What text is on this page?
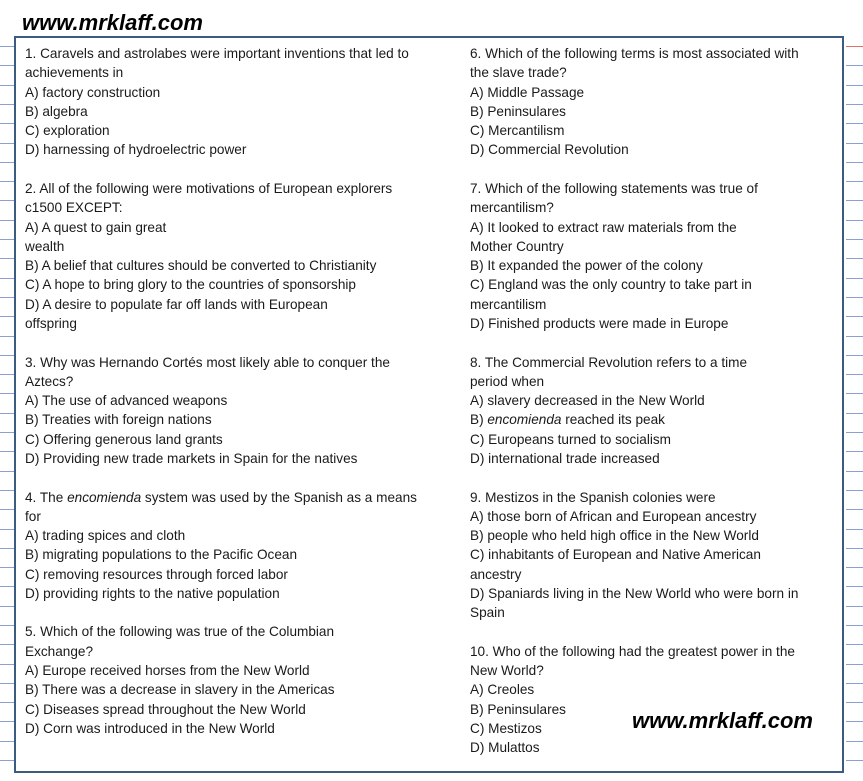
www.mrklaff.com

1. Caravels and astrolabes were important inventions that led to achievements in

A) factory construction

B) algebra

C) exploration

D) harnessing of hydroelectric power

2. All of the following were motivations of European explorers c1500 EXCEPT:

A) A quest to gain great wealth

B) A belief that cultures should be converted to Christianity

C) A hope to bring glory to the countries of sponsorship

D) A desire to populate far off lands with European offspring

3. Why was Hernando Cortés most likely able to conquer the Aztecs?

A) The use of advanced weapons

B) Treaties with foreign nations

C) Offering generous land grants

D) Providing new trade markets in Spain for the natives

4. The encomienda system was used by the Spanish as a means for

A) trading spices and cloth

B) migrating populations to the Pacific Ocean

C) removing resources through forced labor

D) providing rights to the native population

5. Which of the following was true of the Columbian Exchange?

A) Europe received horses from the New World

B) There was a decrease in slavery in the Americas

C) Diseases spread throughout the New World

D) Corn was introduced in the New World

6. Which of the following terms is most associated with the slave trade?

A) Middle Passage

B) Peninsulares

C) Mercantilism

D) Commercial Revolution

7. Which of the following statements was true of mercantilism?

A) It looked to extract raw materials from the Mother Country

B) It expanded the power of the colony

C) England was the only country to take part in mercantilism

D) Finished products were made in Europe

8. The Commercial Revolution refers to a time period when

A) slavery decreased in the New World

B) encomienda reached its peak

C) Europeans turned to socialism

D) international trade increased

9. Mestizos in the Spanish colonies were

A) those born of African and European ancestry

B) people who held high office in the New World

C) inhabitants of European and Native American ancestry

D) Spaniards living in the New World who were born in Spain

10. Who of the following had the greatest power in the New World?

A) Creoles

B) Peninsulares

C) Mestizos

D) Mulattos

www.mrklaff.com
